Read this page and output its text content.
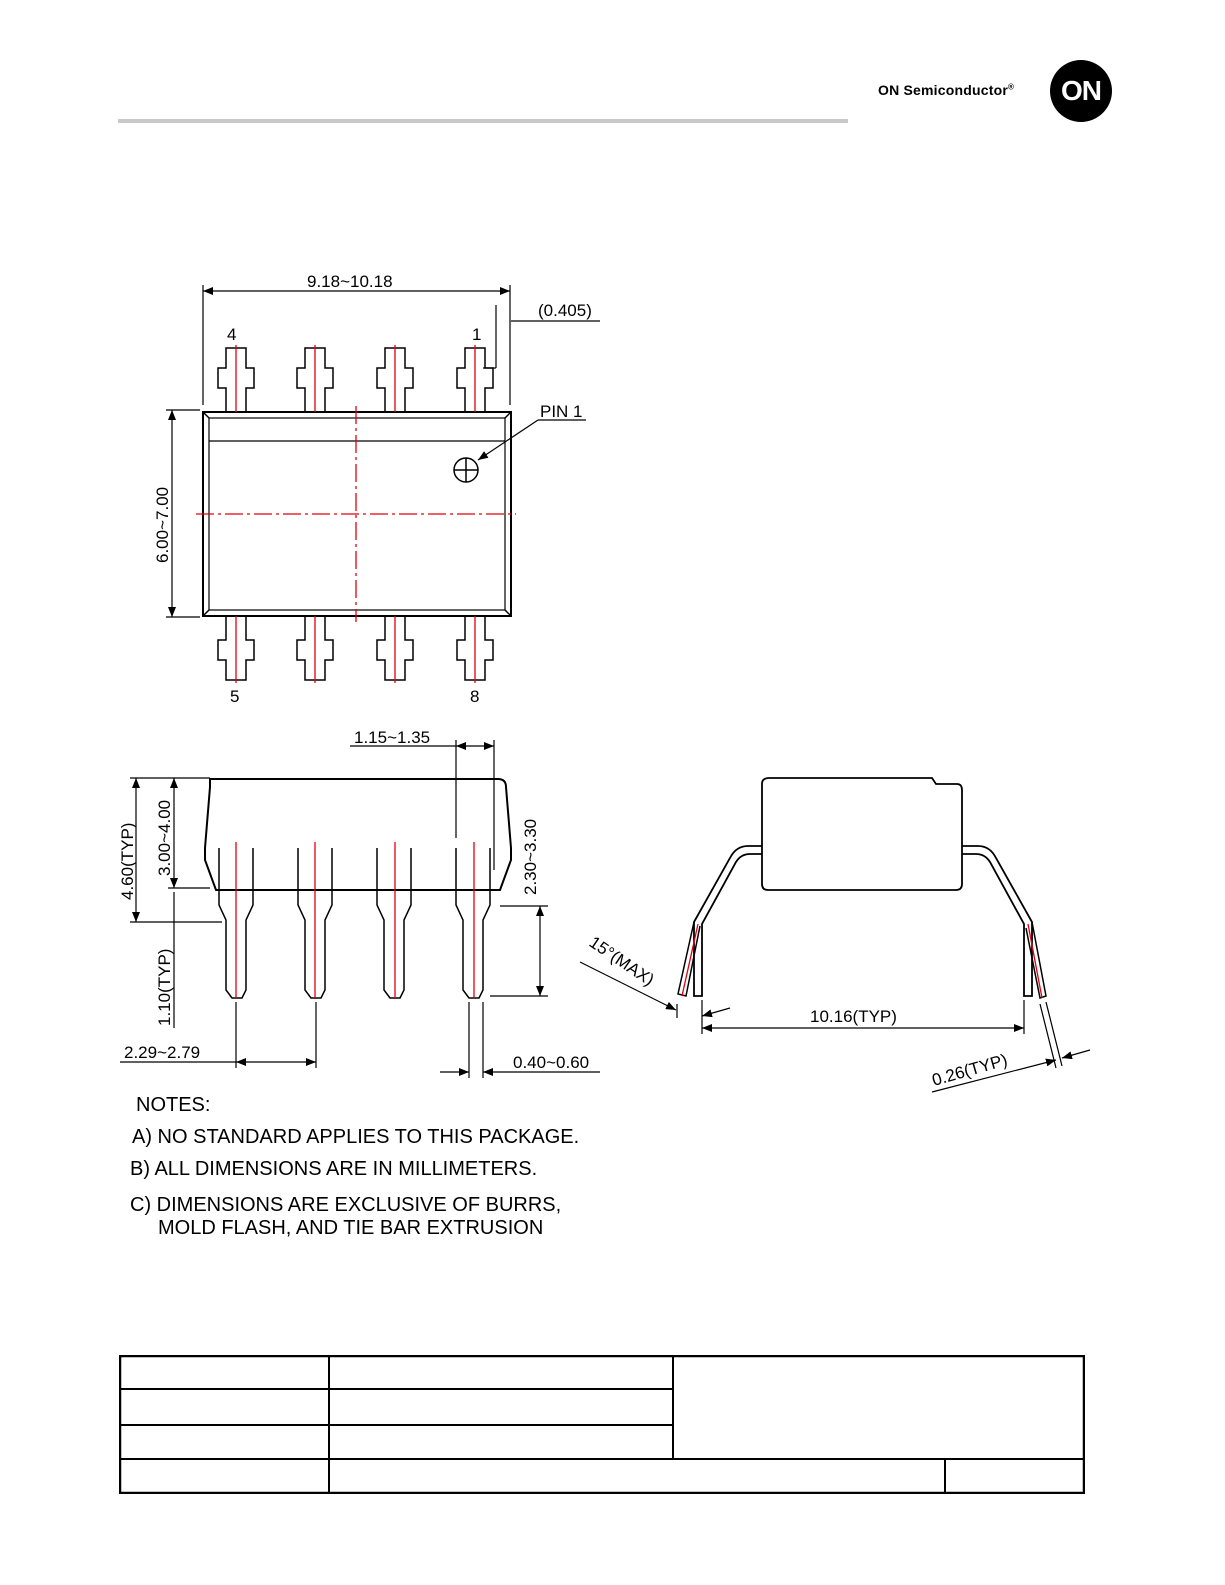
ON Semiconductor® ON
9.18~10.18
(0.405)
PIN 1
4	1
5	8
6.00~7.00
1.15~1.35
4.60(TYP) 3.00~4.00	2.30~3.30
1.10(TYP)
2.29~2.79
0.40~0.60
15°(MAX)
10.16(TYP)
0.26(TYP)
NOTES:
A) NO STANDARD APPLIES TO THIS PACKAGE.
B) ALL DIMENSIONS ARE IN MILLIMETERS.
C) DIMENSIONS ARE EXCLUSIVE OF BURRS,
MOLD FLASH, AND TIE BAR EXTRUSION
